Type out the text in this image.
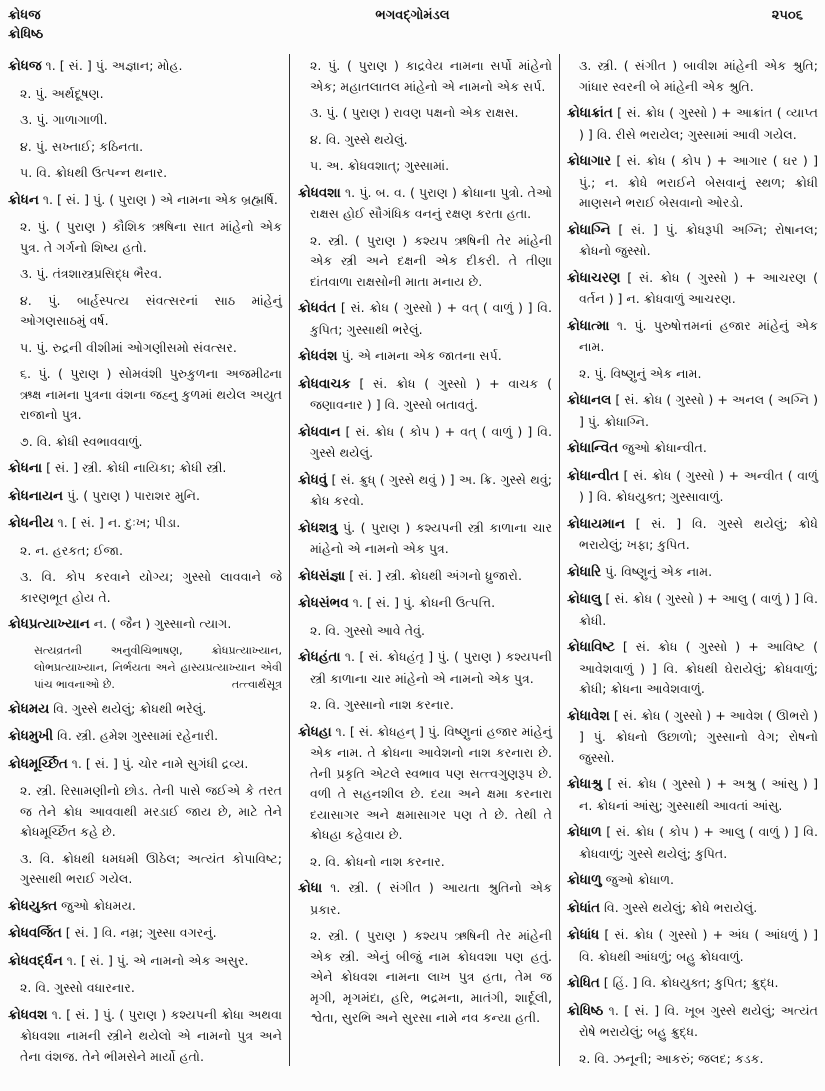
ક્રોધજ
ક્રોધિષ્ઠ
ભગવદ્ગોમંડલ	૨૫૦૬
ક્રોધજ ૧. [ સં. ] પું. અજ્ઞાન; મોહ.
૨. પું. અર્થદૂષણ.
૩. પું. ગાળાગાળી.
૪. પું. સખ્તાઈ; કઠિનતા.
૫. વિ. ક્રોધથી ઉત્પન્ન થનાર.
ક્રોધન ૧. [ સં. ] પું. ( પુરાણ ) એ નામના એક બ્રહ્મર્ષિ.
૨. પું. ( પુરાણ ) કૌશિક ઋષિના સાત માંહેનો એક પુત્ર. તે ગર્ગનો શિષ્ય હતો.
૩. પું. તંત્રશાસ્ત્રપ્રસિદ્ધ ભૈરવ.
૪. પું. બાર્હસ્પત્ય સંવત્સરનાં સાઠ માંહેનું ઓગણસાઠમું વર્ષ.
૫. પું. રુદ્રની વીશીમાં ઓગણીસમો સંવત્સર.
૬. પું. ( પુરાણ ) સોમવંશી પુરુકુળના અજમીઢના ઋક્ષ નામના પુત્રના વંશના જહ્નુ કુળમાં થયેલ અયુત રાજાનો પુત્ર.
૭. વિ. ક્રોધી સ્વભાવવાળું.
ક્રોધના [ સં. ] સ્ત્રી. ક્રોધી નાયિકા; ક્રોધી સ્ત્રી.
ક્રોધનાયન પું. ( પુરાણ ) પારાશર મુનિ.
ક્રોધનીય ૧. [ સં. ] ન. દુઃખ; પીડા.
૨. ન. હરકત; ઈજા.
૩. વિ. કોપ કરવાને યોગ્ય; ગુસ્સો લાવવાને જે કારણભૂત હોય તે.
ક્રોધપ્રત્યાખ્યાન ન. ( જૈન ) ગુસ્સાનો ત્યાગ.
સત્યવ્રતની અનુવીચિભાષણ, ક્રોધપ્રત્યાખ્યાન, લોભપ્રત્યાખ્યાન, નિર્ભયતા અને હાસ્યપ્રત્યાખ્યાન એવી પાંચ ભાવનાઓ છે.	તત્ત્વાર્થસૂત્ર
ક્રોધમય વિ. ગુસ્સે થયેલું; ક્રોધથી ભરેલું.
ક્રોધમુખી વિ. સ્ત્રી. હમેશ ગુસ્સામાં રહેનારી.
ક્રોધમૂર્ચ્છિત ૧. [ સં. ] પું. ચોર નામે સુગંધી દ્રવ્ય.
૨. સ્ત્રી. રિસામણીનો છોડ. તેની પાસે જઈએ કે તરત જ તેને ક્રોધ આવવાથી મરડાઈ જાય છે, માટે તેને ક્રોધમૂર્ચ્છિત કહે છે.
૩. વિ. ક્રોધથી ધમધમી ઊઠેલ; અત્યંત કોપાવિષ્ટ; ગુસ્સાથી ભરાઈ ગયેલ.
ક્રોધયુક્ત જુઓ ક્રોધમય.
ક્રોધવર્જિત [ સં. ] વિ. નમ્ર; ગુસ્સા વગરનું.
ક્રોધવર્દ્ધન ૧. [ સં. ] પું. એ નામનો એક અસુર.
૨. વિ. ગુસ્સો વધારનાર.
ક્રોધવશ ૧. [ સં. ] પું. ( પુરાણ ) કશ્યપની ક્રોધા અથવા ક્રોધવશા નામની સ્ત્રીને થયેલો એ નામનો પુત્ર અને તેના વંશજ. તેને ભીમસેને માર્યો હતો.
૨. પું. ( પુરાણ ) કાદ્રવેય નામના સર્પો માંહેનો એક; મહાતલાતલ માંહેનો એ નામનો એક સર્પ.
૩. પું. ( પુરાણ ) રાવણ પક્ષનો એક રાક્ષસ.
૪. વિ. ગુસ્સે થયેલું.
૫. અ. ક્રોધવશાત્; ગુસ્સામાં.
ક્રોધવશા ૧. પું. બ. વ. ( પુરાણ ) ક્રોધાના પુત્રો. તેઓ રાક્ષસ હોઈ સૌગંધિક વનનું રક્ષણ કરતા હતા.
૨. સ્ત્રી. ( પુરાણ ) કશ્યપ ઋષિની તેર માંહેની એક સ્ત્રી અને દક્ષની એક દીકરી. તે તીણા દાંતવાળા રાક્ષસોની માતા મનાય છે.
ક્રોધવંત [ સં. ક્રોધ ( ગુસ્સો ) + વત્ ( વાળું ) ] વિ. કુપિત; ગુસ્સાથી ભરેલું.
ક્રોધવંશ પું. એ નામના એક જાતના સર્પ.
ક્રોધવાચક [ સં. ક્રોધ ( ગુસ્સો ) + વાચક ( જણાવનાર ) ] વિ. ગુસ્સો બતાવતું.
ક્રોધવાન [ સં. ક્રોધ ( કોપ ) + વત્ ( વાળું ) ] વિ. ગુસ્સે થયેલું.
ક્રોધવું [ સં. ક્રુધ્ ( ગુસ્સે થવું ) ] અ. ક્રિ. ગુસ્સે થવું; ક્રોધ કરવો.
ક્રોધશત્રુ પું. ( પુરાણ ) કશ્યપની સ્ત્રી કાળાના ચાર માંહેનો એ નામનો એક પુત્ર.
ક્રોધસંજ્ઞા [ સં. ] સ્ત્રી. ક્રોધથી અંગનો ધ્રુજારો.
ક્રોધસંભવ ૧. [ સં. ] પું. ક્રોધની ઉત્પત્તિ.
૨. વિ. ગુસ્સો આવે તેવું.
ક્રોધહંતા ૧. [ સં. ક્રોધહંતૃ ] પું. ( પુરાણ ) કશ્યપની સ્ત્રી કાળાના ચાર માંહેનો એ નામનો એક પુત્ર.
૨. વિ. ગુસ્સાનો નાશ કરનાર.
ક્રોધહા ૧. [ સં. ક્રોધહન્ ] પું. વિષ્ણુનાં હજાર માંહેનું એક નામ. તે ક્રોધના આવેશનો નાશ કરનારા છે. તેની પ્રકૃતિ એટલે સ્વભાવ પણ સત્ત્વગુણરૂપ છે. વળી તે સહનશીલ છે. દયા અને ક્ષમા કરનારા દયાસાગર અને ક્ષમાસાગર પણ તે છે. તેથી તે ક્રોધહા કહેવાય છે.
૨. વિ. ક્રોધનો નાશ કરનાર.
ક્રોધા ૧. સ્ત્રી. ( સંગીત ) આયતા શ્રુતિનો એક પ્રકાર.
૨. સ્ત્રી. ( પુરાણ ) કશ્યપ ઋષિની તેર માંહેની એક સ્ત્રી. એનું બીજું નામ ક્રોધવશા પણ હતું. એને ક્રોધવશ નામના લાખ પુત્ર હતા, તેમ જ મૃગી, મૃગમંદા, હરિ, ભદ્રમના, માતંગી, શાર્દૂલી, શ્વેતા, સુરભિ અને સુરસા નામે નવ કન્યા હતી.
૩. સ્ત્રી. ( સંગીત ) બાવીશ માંહેની એક શ્રુતિ; ગાંધાર સ્વરની બે માંહેની એક શ્રુતિ.
ક્રોધાક્રાંત [ સં. ક્રોધ ( ગુસ્સો ) + આક્રાંત ( વ્યાપ્ત ) ] વિ. રીસે ભરાયેલ; ગુસ્સામાં આવી ગયેલ.
ક્રોધાગાર [ સં. ક્રોધ ( કોપ ) + આગાર ( ઘર ) ] પું.; ન. ક્રોધે ભરાઈને બેસવાનું સ્થળ; ક્રોધી માણસને ભરાઈ બેસવાનો ઓરડો.
ક્રોધાગ્નિ [ સં. ] પું. ક્રોધરૂપી અગ્નિ; રોષાનલ; ક્રોધનો જુસ્સો.
ક્રોધાચરણ [ સં. ક્રોધ ( ગુસ્સો ) + આચરણ ( વર્તન ) ] ન. ક્રોધવાળું આચરણ.
ક્રોધાત્મા ૧. પું. પુરુષોત્તમનાં હજાર માંહેનું એક નામ.
૨. પું. વિષ્ણુનું એક નામ.
ક્રોધાનલ [ સં. ક્રોધ ( ગુસ્સો ) + અનલ ( અગ્નિ ) ] પું. ક્રોધાગ્નિ.
ક્રોધાન્વિત જુઓ ક્રોધાન્વીત.
ક્રોધાન્વીત [ સં. ક્રોધ ( ગુસ્સો ) + અન્વીત ( વાળું ) ] વિ. ક્રોધયુક્ત; ગુસ્સાવાળું.
ક્રોધાયમાન [ સં. ] વિ. ગુસ્સે થયેલું; ક્રોધે ભરાયેલું; ખફા; કુપિત.
ક્રોધારિ પું. વિષ્ણુનું એક નામ.
ક્રોધાલુ [ સં. ક્રોધ ( ગુસ્સો ) + આલુ ( વાળું ) ] વિ. ક્રોધી.
ક્રોધાવિષ્ટ [ સં. ક્રોધ ( ગુસ્સો ) + આવિષ્ટ ( આવેશવાળું ) ] વિ. ક્રોધથી ઘેરાયેલું; ક્રોધવાળું; ક્રોધી; ક્રોધના આવેશવાળું.
ક્રોધાવેશ [ સં. ક્રોધ ( ગુસ્સો ) + આવેશ ( ઊભરો ) ] પું. ક્રોધનો ઉછાળો; ગુસ્સાનો વેગ; રોષનો જુસ્સો.
ક્રોધાશ્રુ [ સં. ક્રોધ ( ગુસ્સો ) + અશ્રુ ( આંસુ ) ] ન. ક્રોધનાં આંસુ; ગુસ્સાથી આવતાં આંસુ.
ક્રોધાળ [ સં. ક્રોધ ( કોપ ) + આલુ ( વાળું ) ] વિ. ક્રોધવાળું; ગુસ્સે થયેલું; કુપિત.
ક્રોધાળુ જુઓ ક્રોધાળ.
ક્રોધાંત વિ. ગુસ્સે થયેલું; ક્રોધે ભરાયેલું.
ક્રોધાંધ [ સં. ક્રોધ ( ગુસ્સો ) + અંધ ( આંધળું ) ] વિ. ક્રોધથી આંધળું; બહુ ક્રોધવાળું.
ક્રોધિત [ હિં. ] વિ. ક્રોધયુક્ત; કુપિત; ક્રુદ્ધ.
ક્રોધિષ્ઠ ૧. [ સં. ] વિ. ખૂબ ગુસ્સે થયેલું; અત્યંત રોષે ભરાયેલું; બહુ ક્રુદ્ધ.
૨. વિ. ઝનૂની; આકરું; જલદ; કડક.
